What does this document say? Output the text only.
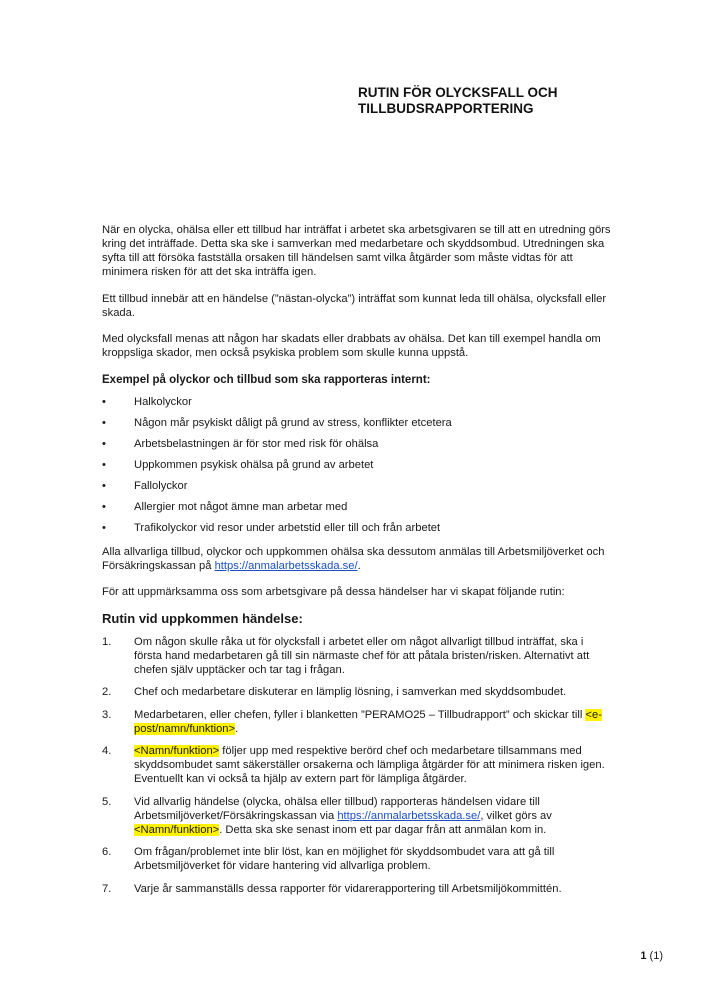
RUTIN FÖR OLYCKSFALL OCH
TILLBUDSRAPPORTERING

När en olycka, ohälsa eller ett tillbud har inträffat i arbetet ska arbetsgivaren se till att en utredning görs kring det inträffade. Detta ska ske i samverkan med medarbetare och skyddsombud. Utredningen ska syfta till att försöka fastställa orsaken till händelsen samt vilka åtgärder som måste vidtas för att minimera risken för att det ska inträffa igen.

Ett tillbud innebär att en händelse (”nästan-olycka”) inträffat som kunnat leda till ohälsa, olycksfall eller skada.

Med olycksfall menas att någon har skadats eller drabbats av ohälsa. Det kan till exempel handla om kroppsliga skador, men också psykiska problem som skulle kunna uppstå.

Exempel på olyckor och tillbud som ska rapporteras internt:
•	Halkolyckor
•	Någon mår psykiskt dåligt på grund av stress, konflikter etcetera
•	Arbetsbelastningen är för stor med risk för ohälsa
•	Uppkommen psykisk ohälsa på grund av arbetet
•	Fallolyckor
•	Allergier mot något ämne man arbetar med
•	Trafikolyckor vid resor under arbetstid eller till och från arbetet

Alla allvarliga tillbud, olyckor och uppkommen ohälsa ska dessutom anmälas till Arbetsmiljöverket och Försäkringskassan på https://anmalarbetsskada.se/.

För att uppmärksamma oss som arbetsgivare på dessa händelser har vi skapat följande rutin:

Rutin vid uppkommen händelse:
1. Om någon skulle råka ut för olycksfall i arbetet eller om något allvarligt tillbud inträffat, ska i första hand medarbetaren gå till sin närmaste chef för att påtala bristen/risken. Alternativt att chefen själv upptäcker och tar tag i frågan.
2. Chef och medarbetare diskuterar en lämplig lösning, i samverkan med skyddsombudet.
3. Medarbetaren, eller chefen, fyller i blanketten ”PERAMO25 – Tillbudrapport” och skickar till <e-post/namn/funktion>.
4. <Namn/funktion> följer upp med respektive berörd chef och medarbetare tillsammans med skyddsombudet samt säkerställer orsakerna och lämpliga åtgärder för att minimera risken igen. Eventuellt kan vi också ta hjälp av extern part för lämpliga åtgärder.
5. Vid allvarlig händelse (olycka, ohälsa eller tillbud) rapporteras händelsen vidare till Arbetsmiljöverket/Försäkringskassan via https://anmalarbetsskada.se/, vilket görs av <Namn/funktion>. Detta ska ske senast inom ett par dagar från att anmälan kom in.
6. Om frågan/problemet inte blir löst, kan en möjlighet för skyddsombudet vara att gå till Arbetsmiljöverket för vidare hantering vid allvarliga problem.
7. Varje år sammanställs dessa rapporter för vidarerapportering till Arbetsmiljökommittén.
1 (1)
